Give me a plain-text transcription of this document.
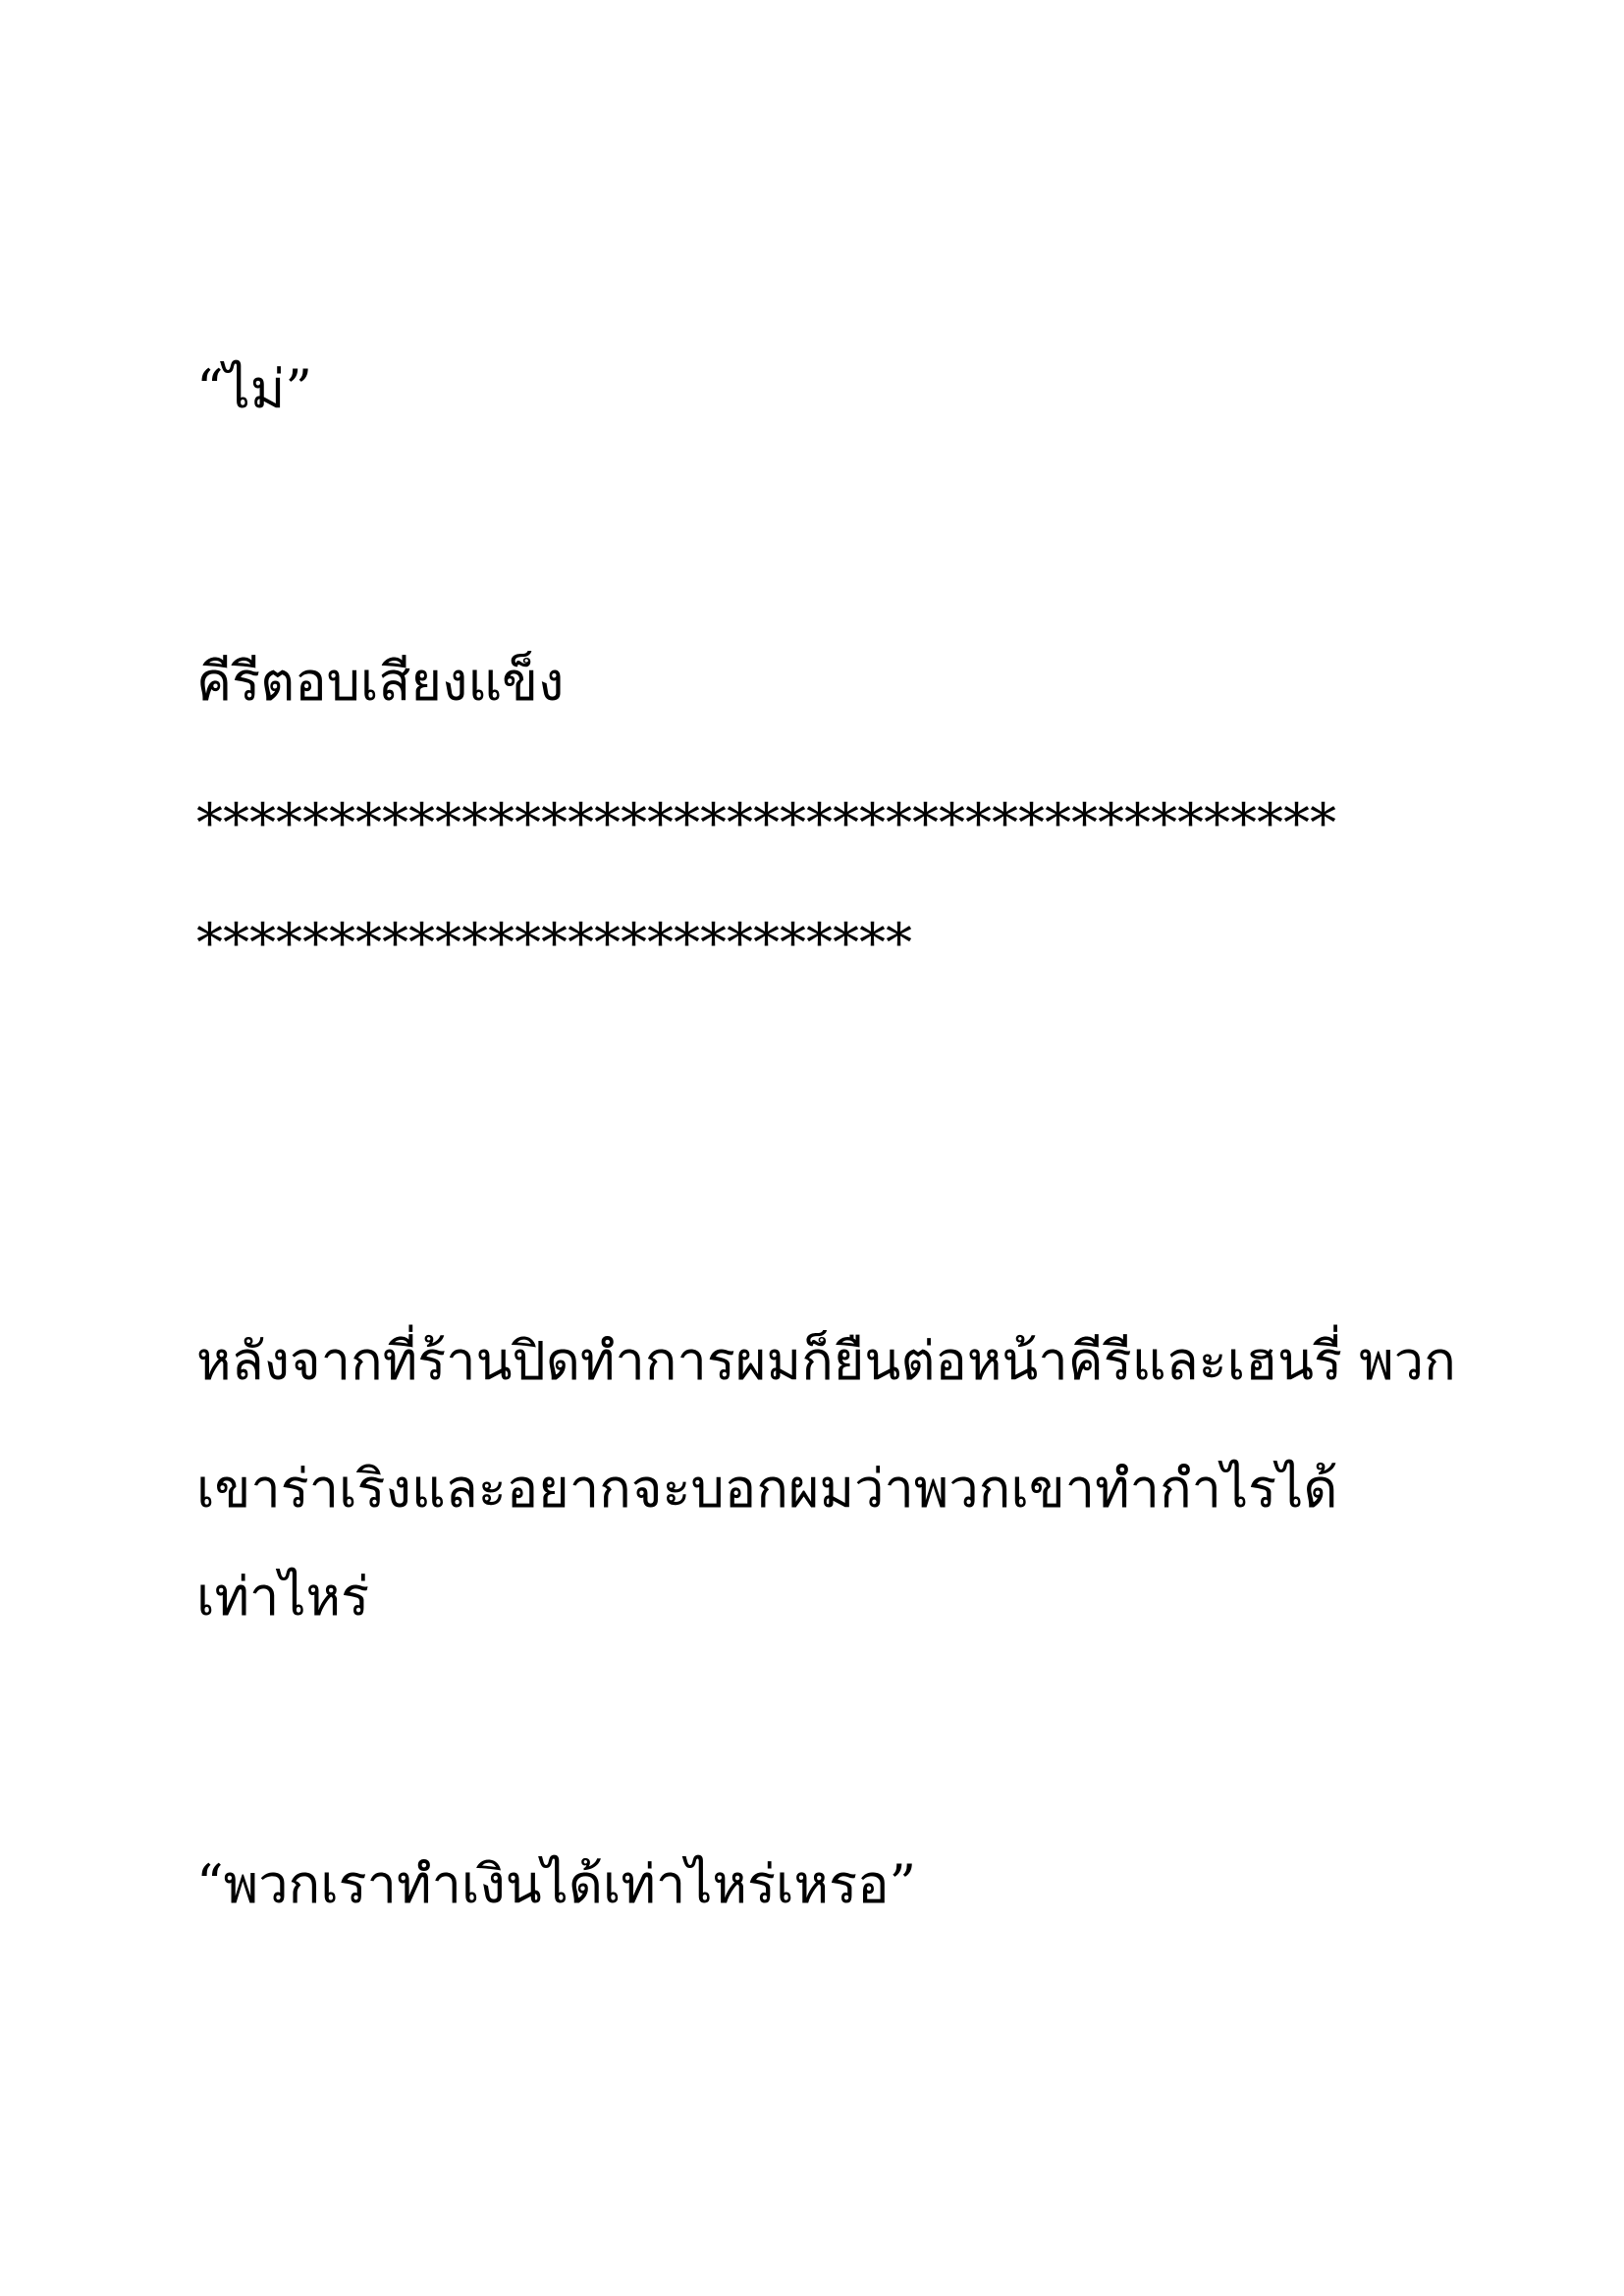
“ไม่”
คีรีตอบเสียงแข็ง
*******************************************
***************************
หลังจากที่ร้านปิดทำการผมก็ยืนต่อหน้าคีรีและเฮนรี่ พวก
เขาร่าเริงและอยากจะบอกผมว่าพวกเขาทำกำไรได้
เท่าไหร่
“พวกเราทำเงินได้เท่าไหร่เหรอ”
